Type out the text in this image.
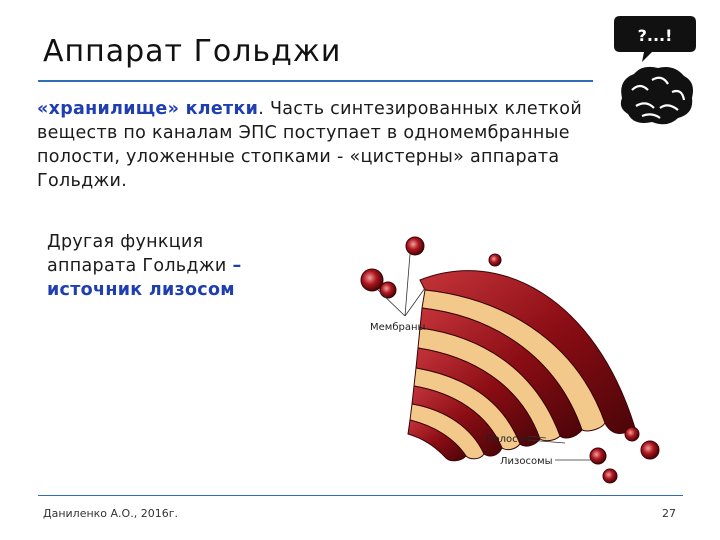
Аппарат Гольджи
«хранилище» клетки. Часть синтезированных клеткой веществ по каналам ЭПС поступает в одномембранные полости, уложенные стопками - «цистерны» аппарата Гольджи.
Другая функция аппарата Гольджи – источник лизосом
Мембраны
Полости
Лизосомы
?...!
Даниленко А.О., 2016г.	27
